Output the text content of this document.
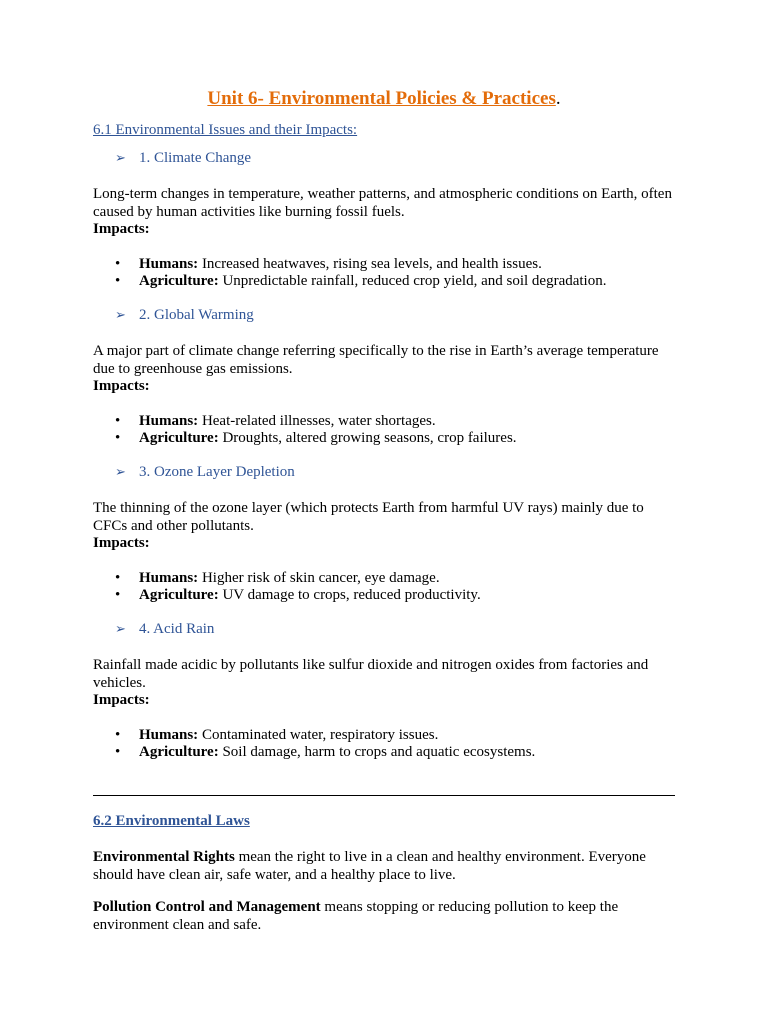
Unit 6- Environmental Policies & Practices.
6.1 Environmental Issues and their Impacts:
➢ 1. Climate Change
Long-term changes in temperature, weather patterns, and atmospheric conditions on Earth, often caused by human activities like burning fossil fuels.
Impacts:
• Humans: Increased heatwaves, rising sea levels, and health issues.
• Agriculture: Unpredictable rainfall, reduced crop yield, and soil degradation.
➢ 2. Global Warming
A major part of climate change referring specifically to the rise in Earth’s average temperature due to greenhouse gas emissions.
Impacts:
• Humans: Heat-related illnesses, water shortages.
• Agriculture: Droughts, altered growing seasons, crop failures.
➢ 3. Ozone Layer Depletion
The thinning of the ozone layer (which protects Earth from harmful UV rays) mainly due to CFCs and other pollutants.
Impacts:
• Humans: Higher risk of skin cancer, eye damage.
• Agriculture: UV damage to crops, reduced productivity.
➢ 4. Acid Rain
Rainfall made acidic by pollutants like sulfur dioxide and nitrogen oxides from factories and vehicles.
Impacts:
• Humans: Contaminated water, respiratory issues.
• Agriculture: Soil damage, harm to crops and aquatic ecosystems.
6.2 Environmental Laws
Environmental Rights mean the right to live in a clean and healthy environment. Everyone should have clean air, safe water, and a healthy place to live.
Pollution Control and Management means stopping or reducing pollution to keep the environment clean and safe.
